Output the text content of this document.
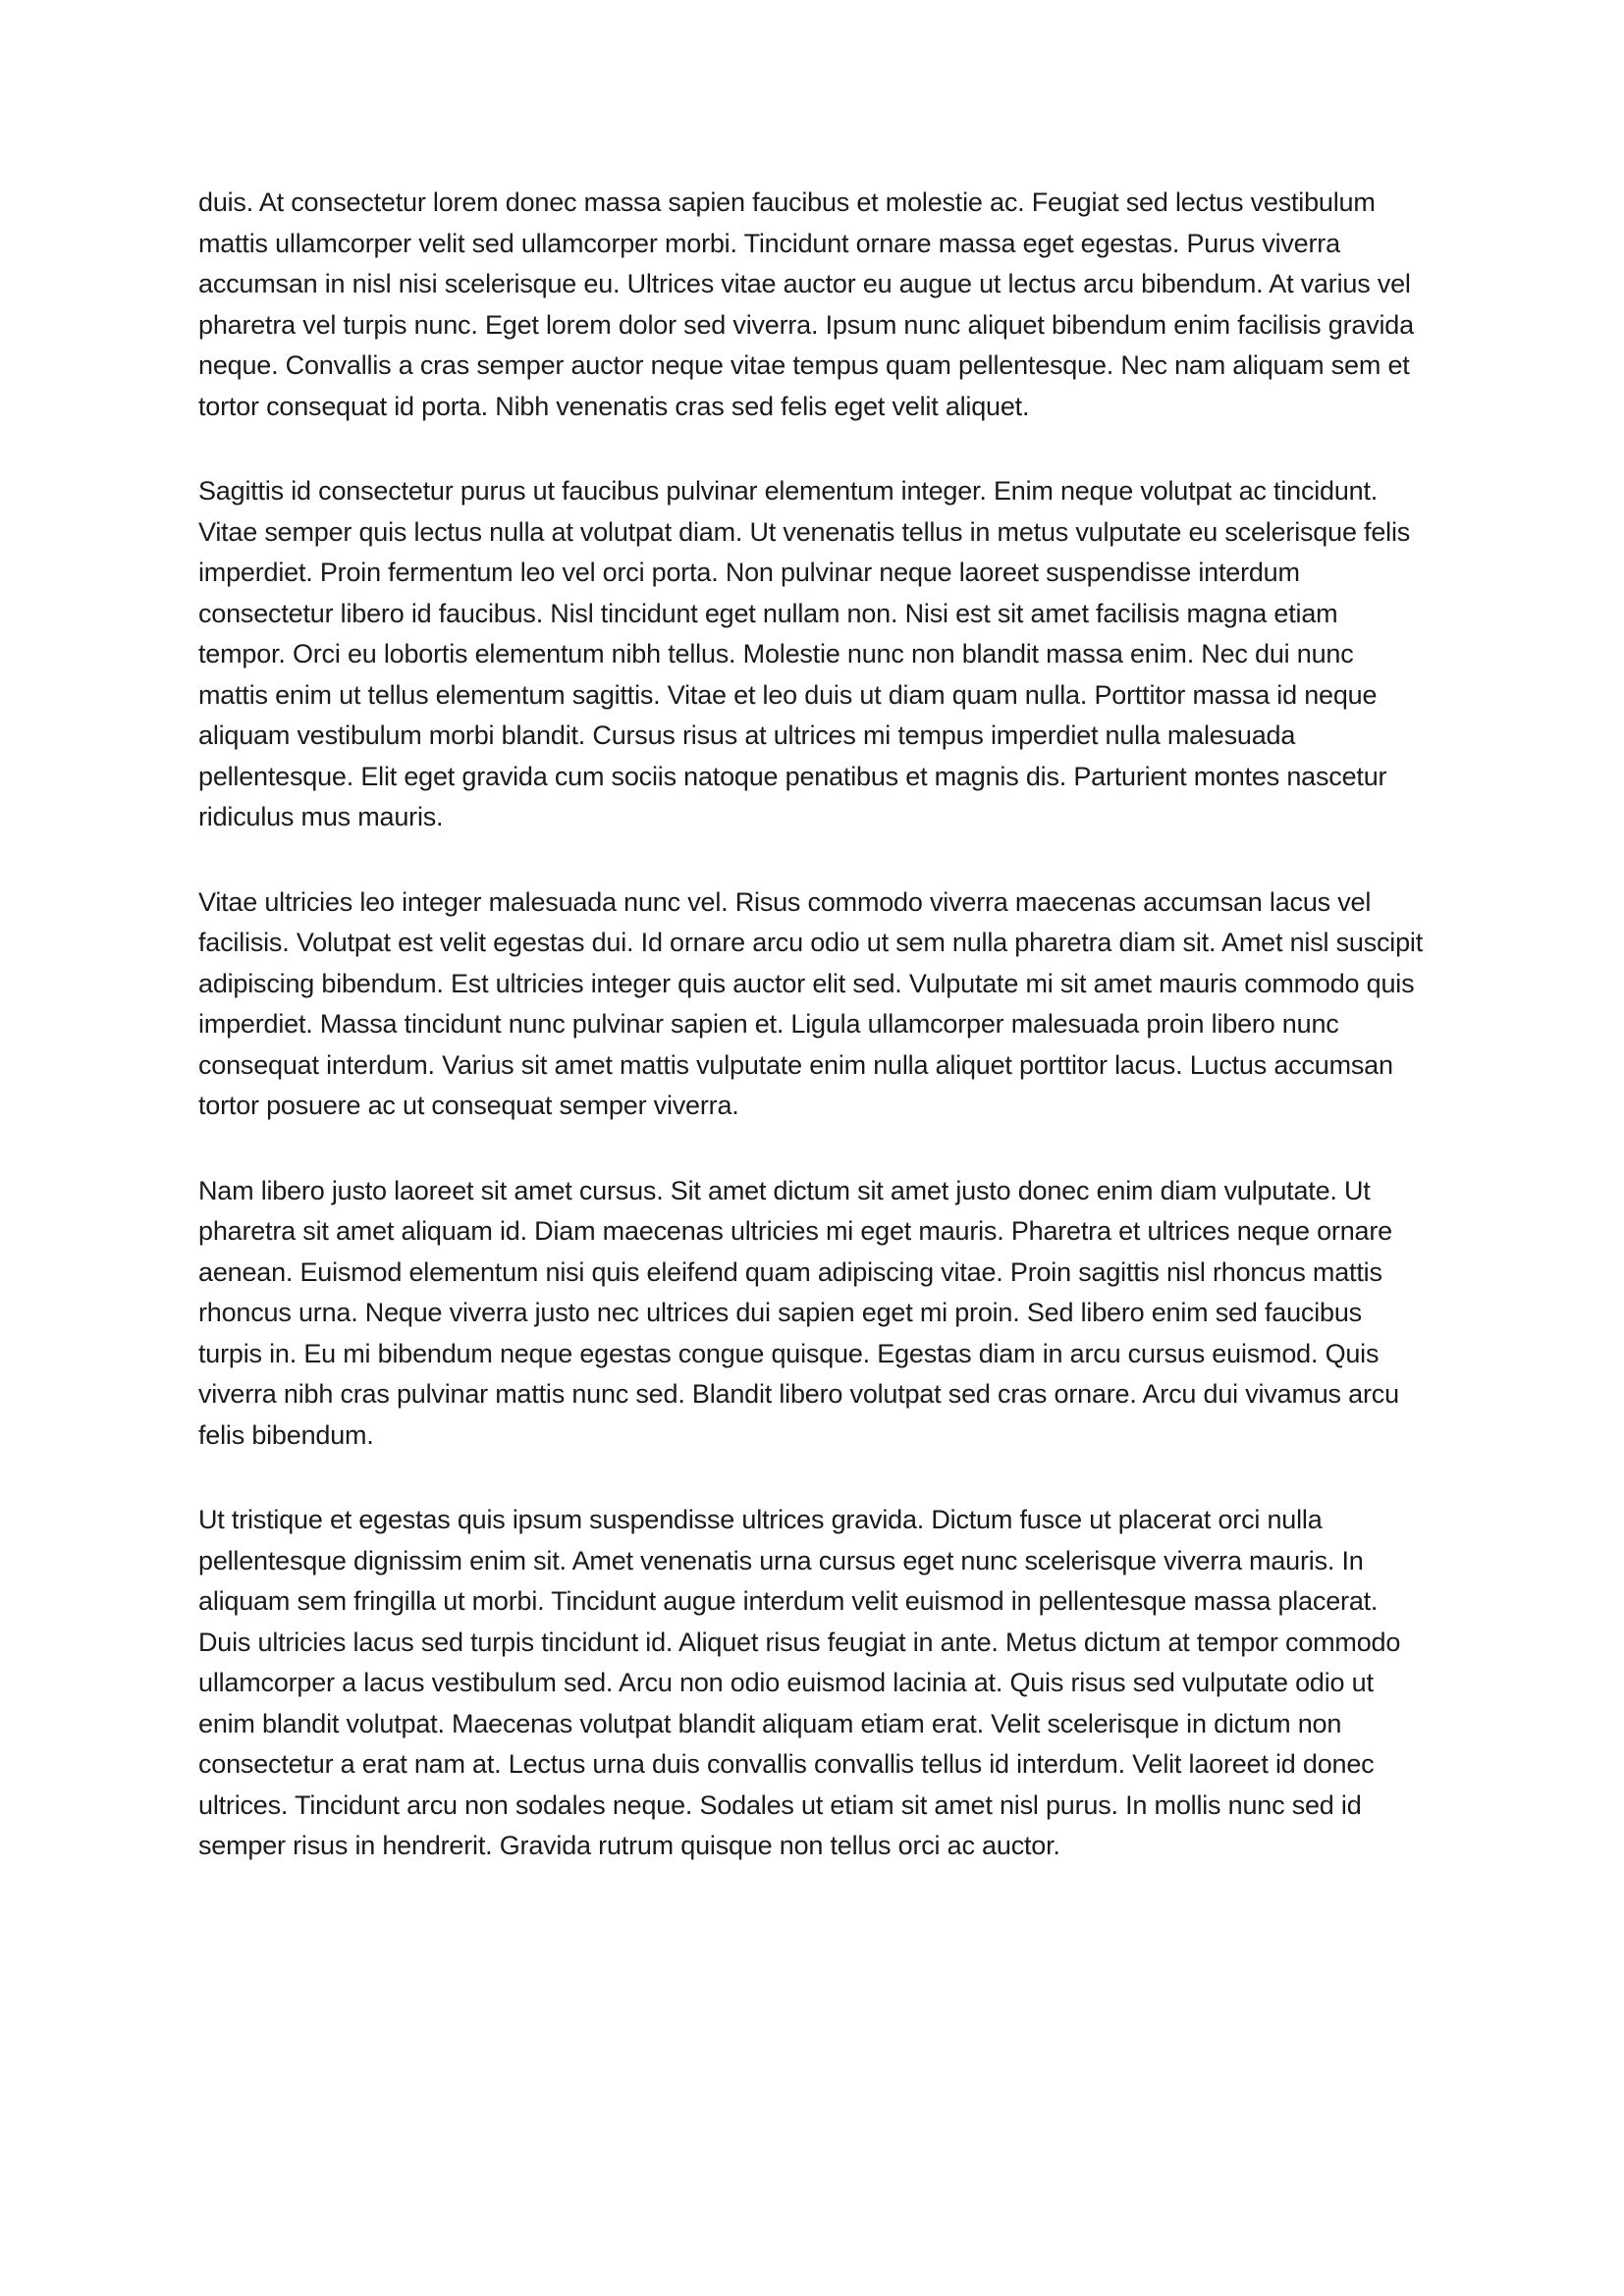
duis. At consectetur lorem donec massa sapien faucibus et molestie ac. Feugiat sed lectus vestibulum mattis ullamcorper velit sed ullamcorper morbi. Tincidunt ornare massa eget egestas. Purus viverra accumsan in nisl nisi scelerisque eu. Ultrices vitae auctor eu augue ut lectus arcu bibendum. At varius vel pharetra vel turpis nunc. Eget lorem dolor sed viverra. Ipsum nunc aliquet bibendum enim facilisis gravida neque. Convallis a cras semper auctor neque vitae tempus quam pellentesque. Nec nam aliquam sem et tortor consequat id porta. Nibh venenatis cras sed felis eget velit aliquet.

Sagittis id consectetur purus ut faucibus pulvinar elementum integer. Enim neque volutpat ac tincidunt. Vitae semper quis lectus nulla at volutpat diam. Ut venenatis tellus in metus vulputate eu scelerisque felis imperdiet. Proin fermentum leo vel orci porta. Non pulvinar neque laoreet suspendisse interdum consectetur libero id faucibus. Nisl tincidunt eget nullam non. Nisi est sit amet facilisis magna etiam tempor. Orci eu lobortis elementum nibh tellus. Molestie nunc non blandit massa enim. Nec dui nunc mattis enim ut tellus elementum sagittis. Vitae et leo duis ut diam quam nulla. Porttitor massa id neque aliquam vestibulum morbi blandit. Cursus risus at ultrices mi tempus imperdiet nulla malesuada pellentesque. Elit eget gravida cum sociis natoque penatibus et magnis dis. Parturient montes nascetur ridiculus mus mauris.

Vitae ultricies leo integer malesuada nunc vel. Risus commodo viverra maecenas accumsan lacus vel facilisis. Volutpat est velit egestas dui. Id ornare arcu odio ut sem nulla pharetra diam sit. Amet nisl suscipit adipiscing bibendum. Est ultricies integer quis auctor elit sed. Vulputate mi sit amet mauris commodo quis imperdiet. Massa tincidunt nunc pulvinar sapien et. Ligula ullamcorper malesuada proin libero nunc consequat interdum. Varius sit amet mattis vulputate enim nulla aliquet porttitor lacus. Luctus accumsan tortor posuere ac ut consequat semper viverra.

Nam libero justo laoreet sit amet cursus. Sit amet dictum sit amet justo donec enim diam vulputate. Ut pharetra sit amet aliquam id. Diam maecenas ultricies mi eget mauris. Pharetra et ultrices neque ornare aenean. Euismod elementum nisi quis eleifend quam adipiscing vitae. Proin sagittis nisl rhoncus mattis rhoncus urna. Neque viverra justo nec ultrices dui sapien eget mi proin. Sed libero enim sed faucibus turpis in. Eu mi bibendum neque egestas congue quisque. Egestas diam in arcu cursus euismod. Quis viverra nibh cras pulvinar mattis nunc sed. Blandit libero volutpat sed cras ornare. Arcu dui vivamus arcu felis bibendum.

Ut tristique et egestas quis ipsum suspendisse ultrices gravida. Dictum fusce ut placerat orci nulla pellentesque dignissim enim sit. Amet venenatis urna cursus eget nunc scelerisque viverra mauris. In aliquam sem fringilla ut morbi. Tincidunt augue interdum velit euismod in pellentesque massa placerat. Duis ultricies lacus sed turpis tincidunt id. Aliquet risus feugiat in ante. Metus dictum at tempor commodo ullamcorper a lacus vestibulum sed. Arcu non odio euismod lacinia at. Quis risus sed vulputate odio ut enim blandit volutpat. Maecenas volutpat blandit aliquam etiam erat. Velit scelerisque in dictum non consectetur a erat nam at. Lectus urna duis convallis convallis tellus id interdum. Velit laoreet id donec ultrices. Tincidunt arcu non sodales neque. Sodales ut etiam sit amet nisl purus. In mollis nunc sed id semper risus in hendrerit. Gravida rutrum quisque non tellus orci ac auctor.
